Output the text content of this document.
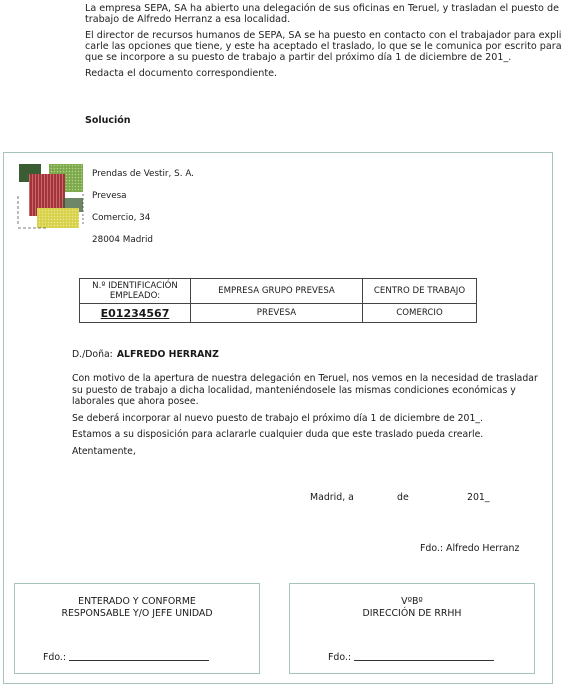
La empresa SEPA, SA ha abierto una delegación de sus oficinas en Teruel, y trasladan el puesto de
trabajo de Alfredo Herranz a esa localidad.

El director de recursos humanos de SEPA, SA se ha puesto en contacto con el trabajador para expli
carle las opciones que tiene, y este ha aceptado el traslado, lo que se le comunica por escrito para
que se incorpore a su puesto de trabajo a partir del próximo día 1 de diciembre de 201_.

Redacta el documento correspondiente.

Solución
Prendas de Vestir, S. A.
Prevesa
Comercio, 34
28004 Madrid
N.º IDENTIFICACIÓN EMPLEADO:	EMPRESA GRUPO PREVESA	CENTRO DE TRABAJO
E01234567	PREVESA	COMERCIO
D./Doña: ALFREDO HERRANZ

Con motivo de la apertura de nuestra delegación en Teruel, nos vemos en la necesidad de trasladar su puesto de trabajo a dicha localidad, manteniéndosele las mismas condiciones económicas y laborales que ahora posee.

Se deberá incorporar al nuevo puesto de trabajo el próximo día 1 de diciembre de 201_.

Estamos a su disposición para aclararle cualquier duda que este traslado pueda crearle.

Atentamente,

Madrid, a	de	201_
Fdo.: Alfredo Herranz
ENTERADO Y CONFORME
RESPONSABLE Y/O JEFE UNIDAD
Fdo.:
VºBº
DIRECCIÓN DE RRHH
Fdo.:
